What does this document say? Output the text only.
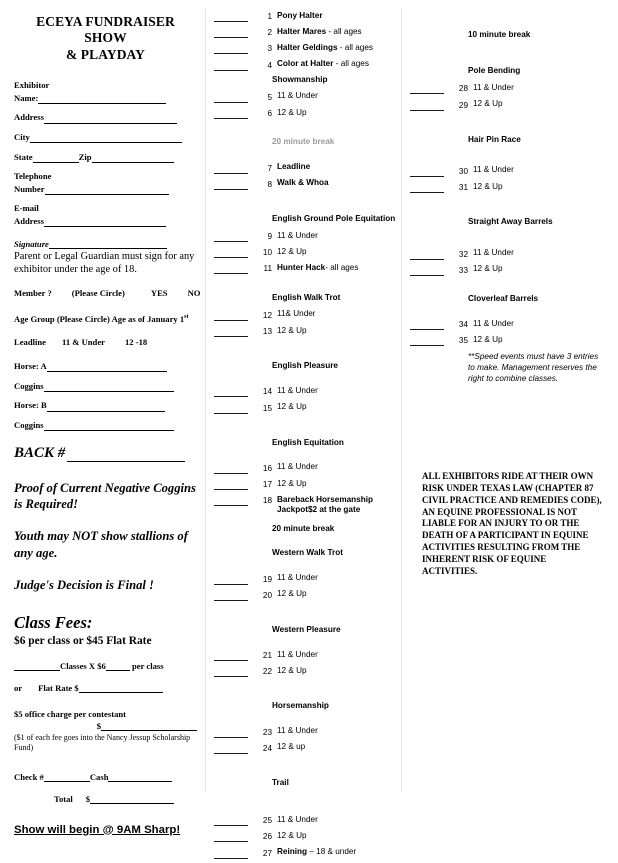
ECEYA FUNDRAISER SHOW
& PLAYDAY
Exhibitor
Name:
Address
City
State	Zip
Telephone
Number
E-mail
Address
Signature
Parent or Legal Guardian must sign for any exhibitor under the age of 18.
Member ? (Please Circle)	YES NO
Age Group (Please Circle) Age as of January 1st
Leadline 11 & Under 12 -18
Horse: A
Coggins
Horse: B
Coggins
BACK #
Proof of Current Negative Coggins is Required!
Youth may NOT show stallions of any age.
Judge's Decision is Final !
Class Fees:
$6 per class or $45 Flat Rate
Classes X $6	per class
or Flat Rate $
$5 office charge per contestant
$
($1 of each fee goes into the Nancy Jessup Scholarship Fund)
Check #	Cash
Total $
Show will begin @ 9AM Sharp!
1 Pony Halter
2 Halter Mares - all ages
3 Halter Geldings - all ages
4 Color at Halter - all ages
Showmanship
5 11 & Under
6 12 & Up
20 minute break
7 Leadline
8 Walk & Whoa
English Ground Pole Equitation
9 11 & Under
10 12 & Up
11 Hunter Hack- all ages
English Walk Trot
12 11& Under
13 12 & Up
English Pleasure
14 11 & Under
15 12 & Up
English Equitation
16 11 & Under
17 12 & Up
18 Bareback Horsemanship Jackpot$2 at the gate
20 minute break
Western Walk Trot
19 11 & Under
20 12 & Up
Western Pleasure
21 11 & Under
22 12 & Up
Horsemanship
23 11 & Under
24 12 & up
Trail
25 11 & Under
26 12 & Up
27 Reining – 18 & under
10 minute break
Pole Bending
28 11 & Under
29 12 & Up
Hair Pin Race
30 11 & Under
31 12 & Up
Straight Away Barrels
32 11 & Under
33 12 & Up
Cloverleaf Barrels
34 11 & Under
35 12 & Up
**Speed events must have 3 entries to make. Management reserves the right to combine classes.
ALL EXHIBITORS RIDE AT THEIR OWN RISK UNDER TEXAS LAW (CHAPTER 87 CIVIL PRACTICE AND REMEDIES CODE), AN EQUINE PROFESSIONAL IS NOT LIABLE FOR AN INJURY TO OR THE DEATH OF A PARTICIPANT IN EQUINE ACTIVITIES RESULTING FROM THE INHERENT RISK OF EQUINE ACTIVITIES.
